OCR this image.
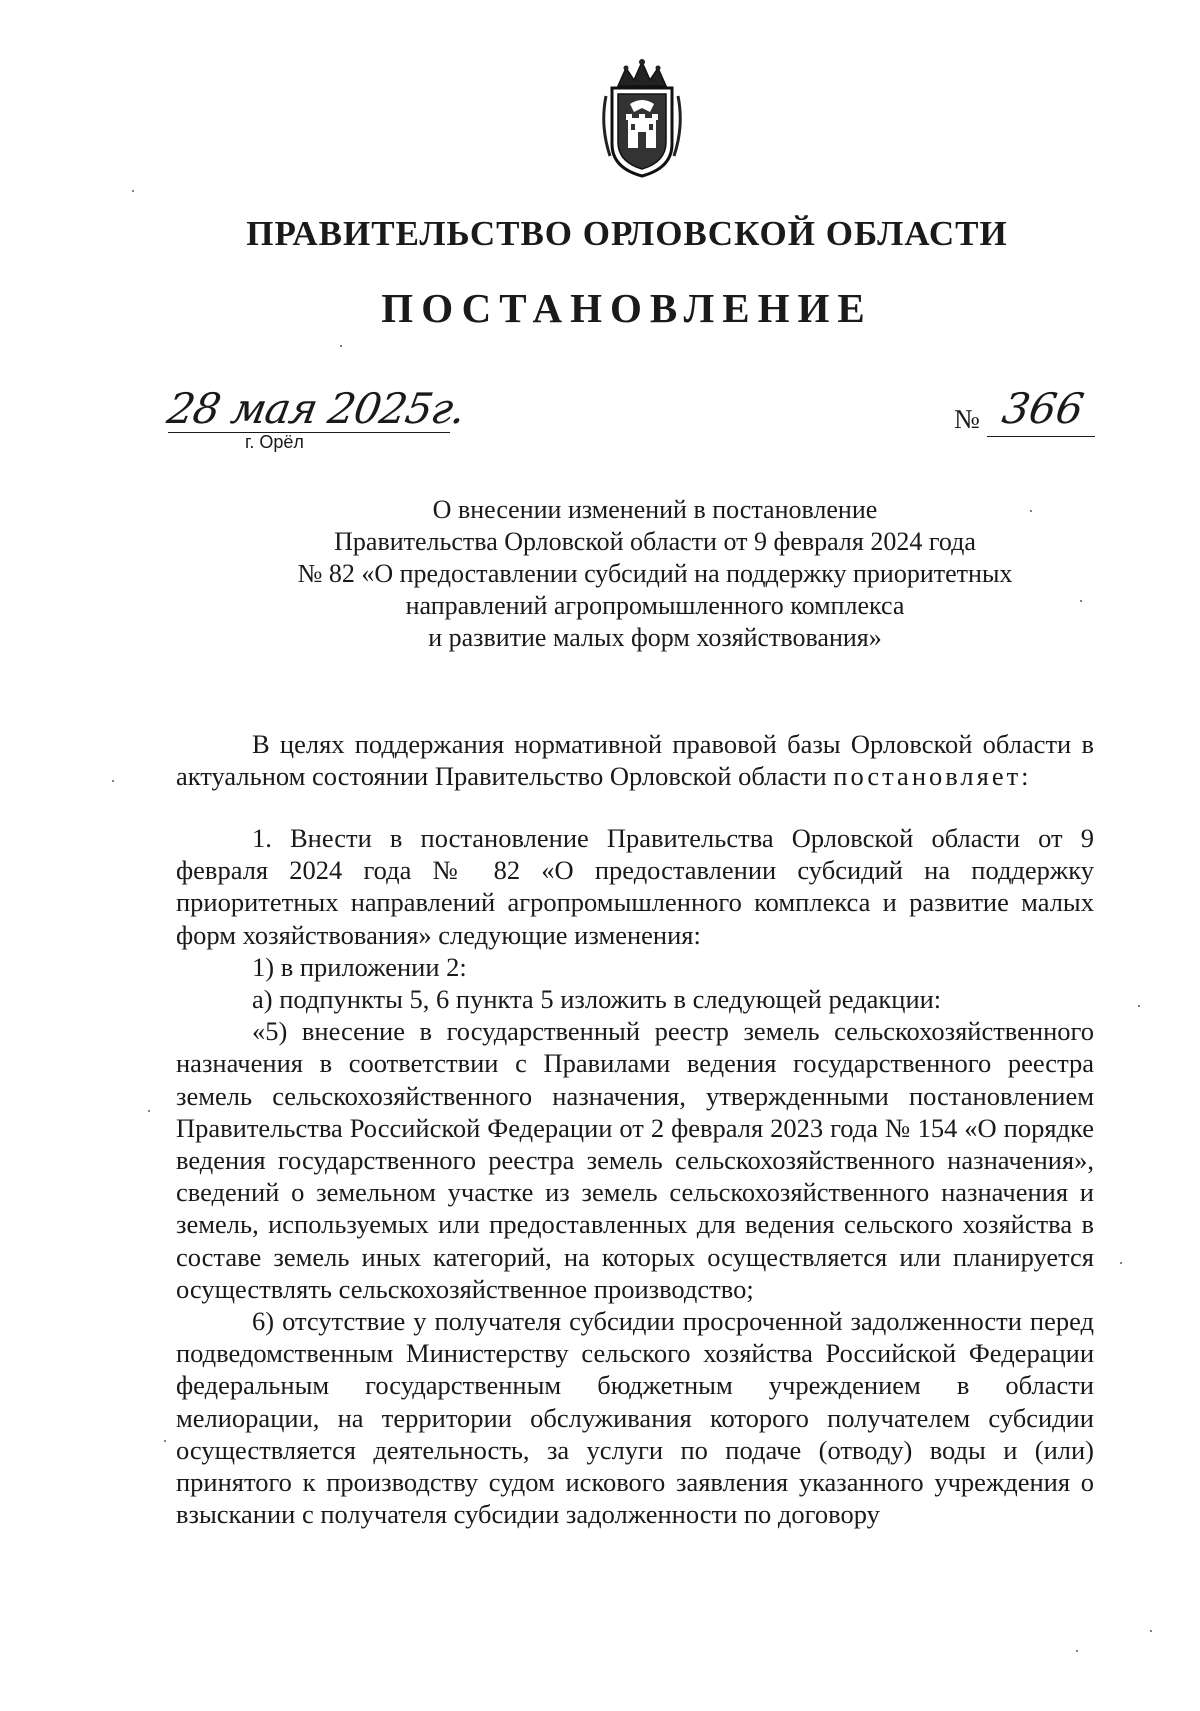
ПРАВИТЕЛЬСТВО ОРЛОВСКОЙ ОБЛАСТИ
ПОСТАНОВЛЕНИЕ
28 мая 2025г.
г. Орёл
№ 366
О внесении изменений в постановление
Правительства Орловской области от 9 февраля 2024 года
№ 82 «О предоставлении субсидий на поддержку приоритетных
направлений агропромышленного комплекса
и развитие малых форм хозяйствования»

В целях поддержания нормативной правовой базы Орловской области в актуальном состоянии Правительство Орловской области постановляет:

1. Внести в постановление Правительства Орловской области от 9 февраля 2024 года № 82 «О предоставлении субсидий на поддержку приоритетных направлений агропромышленного комплекса и развитие малых форм хозяйствования» следующие изменения:

1) в приложении 2:

а) подпункты 5, 6 пункта 5 изложить в следующей редакции:

«5) внесение в государственный реестр земель сельскохозяйственного назначения в соответствии с Правилами ведения государственного реестра земель сельскохозяйственного назначения, утвержденными постановлением Правительства Российской Федерации от 2 февраля 2023 года № 154 «О порядке ведения государственного реестра земель сельскохозяйственного назначения», сведений о земельном участке из земель сельскохозяйственного назначения и земель, используемых или предоставленных для ведения сельского хозяйства в составе земель иных категорий, на которых осуществляется или планируется осуществлять сельскохозяйственное производство;

6) отсутствие у получателя субсидии просроченной задолженности перед подведомственным Министерству сельского хозяйства Российской Федерации федеральным государственным бюджетным учреждением в области мелиорации, на территории обслуживания которого получателем субсидии осуществляется деятельность, за услуги по подаче (отводу) воды и (или) принятого к производству судом искового заявления указанного учреждения о взыскании с получателя субсидии задолженности по договору
